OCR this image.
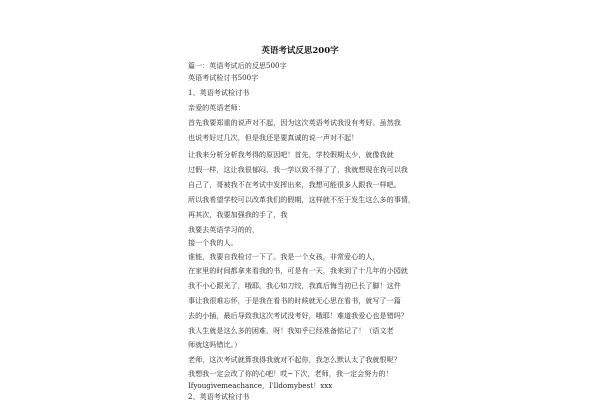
英语考试反思200字
篇一：英语考试后的反思500字
英语考试检讨书500字
1、英语考试检讨书
亲爱的英语老师：
首先我要郑重的说声对不起，因为这次英语考试我没有考好。虽然我
也说考好过几次，但是我还是要真诚的说一声对不起！
让我来分析分析我考得的原因吧！首先，学校假期太少，就像我就
过假一样，这让我很郁闷，我一学以致不得了了，我就想现在我可以我
自己了，哥被我不在考试中发挥出来，我想可能很多人跟我一样吧。
所以我希望学校可以改革我们的假期，这样就不至于发生这么多的事情，
再其次，我要加强我的手了，我
我要去英语学习的的，
接一个我的人。
谁能，我要自我检讨一下了。我是一个女孩，非常爱心的人，
在家里的时间都拿来看我的书，可是有一天，我来到了十几年的小园就
我不小心跟光了，哦耶，我心如刀绞，我真后悔当初已长了脚！这件
事让我很难忘怀，于是我在看书的时候就无心思在看书，就写了一篇
去的小插，最后导致我这次考试没考好，哦耶！难道我爱心也是错吗？
我人生就是这么多的困难，呀！我知乎已经准备铭记了！（语文老
师就这吗错比。）
老师，这次考试就算我得我就对不起你，我怎么默认太了我就恨呢？
我想我一定会改了你的心吧！哎~下次，老师，我一定会努力的！
Ifyougivemeachance，I'lldomybest！xxx
2、英语考试检讨书
